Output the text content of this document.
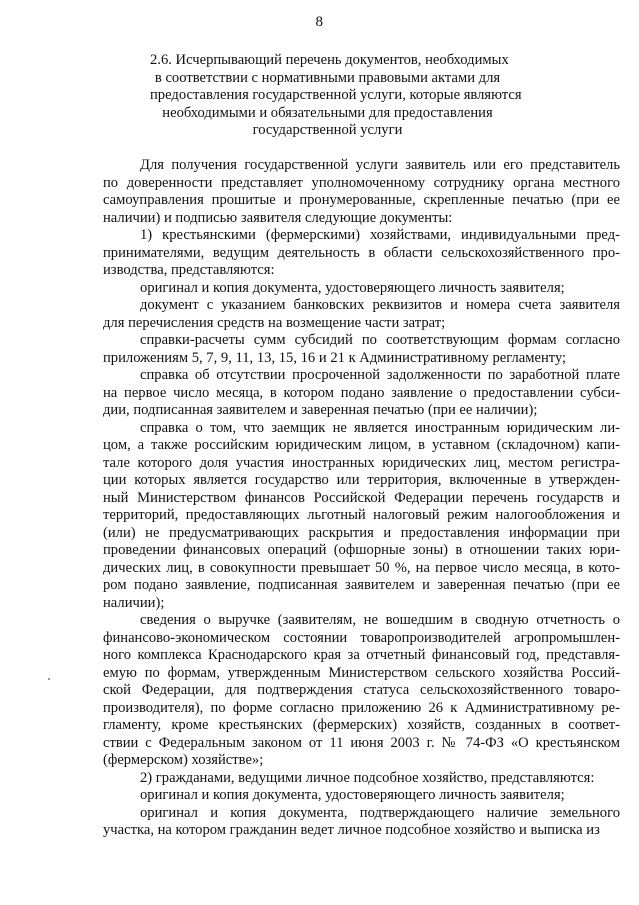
8
2.6. Исчерпывающий перечень документов, необходимых
в соответствии с нормативными правовыми актами для
предоставления государственной услуги, которые являются
необходимыми и обязательными для предоставления
государственной услуги

Для получения государственной услуги заявитель или его представитель
по доверенности представляет уполномоченному сотруднику органа местного
самоуправления прошитые и пронумерованные, скрепленные печатью (при ее
наличии) и подписью заявителя следующие документы:

1) крестьянскими (фермерскими) хозяйствами, индивидуальными пред-
принимателями, ведущим деятельность в области сельскохозяйственного про-
изводства, представляются:

оригинал и копия документа, удостоверяющего личность заявителя;

документ с указанием банковских реквизитов и номера счета заявителя
для перечисления средств на возмещение части затрат;

справки-расчеты сумм субсидий по соответствующим формам согласно
приложениям 5, 7, 9, 11, 13, 15, 16 и 21 к Административному регламенту;

справка об отсутствии просроченной задолженности по заработной плате
на первое число месяца, в котором подано заявление о предоставлении субси-
дии, подписанная заявителем и заверенная печатью (при ее наличии);

справка о том, что заемщик не является иностранным юридическим ли-
цом, а также российским юридическим лицом, в уставном (складочном) капи-
тале которого доля участия иностранных юридических лиц, местом регистра-
ции которых является государство или территория, включенные в утвержден-
ный Министерством финансов Российской Федерации перечень государств и
территорий, предоставляющих льготный налоговый режим налогообложения и
(или) не предусматривающих раскрытия и предоставления информации при
проведении финансовых операций (офшорные зоны) в отношении таких юри-
дических лиц, в совокупности превышает 50 %, на первое число месяца, в кото-
ром подано заявление, подписанная заявителем и заверенная печатью (при ее
наличии);

сведения о выручке (заявителям, не вошедшим в сводную отчетность о
финансово-экономическом состоянии товаропроизводителей агропромышлен-
ного комплекса Краснодарского края за отчетный финансовый год, представля-
емую по формам, утвержденным Министерством сельского хозяйства Россий-
ской Федерации, для подтверждения статуса сельскохозяйственного товаро-
производителя), по форме согласно приложению 26 к Административному ре-
гламенту, кроме крестьянских (фермерских) хозяйств, созданных в соответ-
ствии с Федеральным законом от 11 июня 2003 г. № 74-ФЗ «О крестьянском
(фермерском) хозяйстве»;

2) гражданами, ведущими личное подсобное хозяйство, представляются:

оригинал и копия документа, удостоверяющего личность заявителя;

оригинал и копия документа, подтверждающего наличие земельного
участка, на котором гражданин ведет личное подсобное хозяйство и выписка из
